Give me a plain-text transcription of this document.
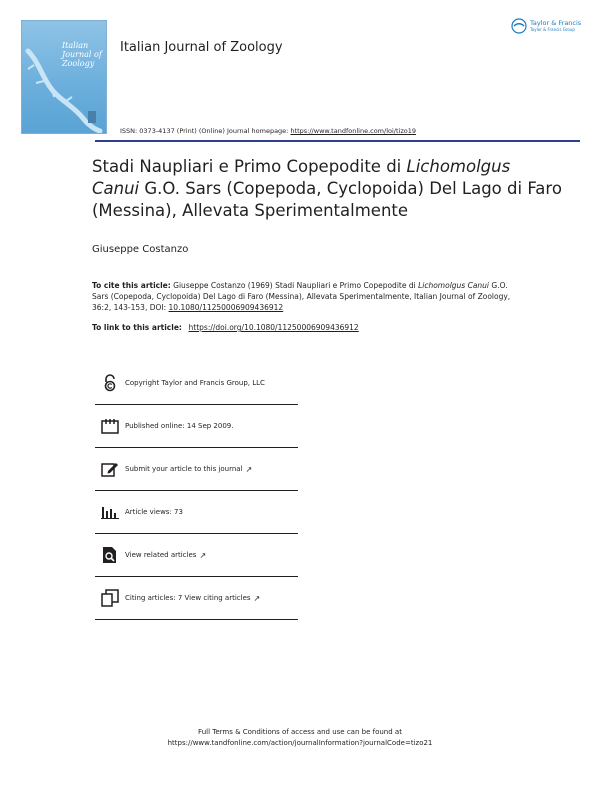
Italian
Journal of
Zoology
Italian Journal of Zoology
Taylor & Francis
Taylor & Francis Group
ISSN: 0373-4137 (Print) (Online) Journal homepage: https://www.tandfonline.com/loi/tizo19
Stadi Naupliari e Primo Copepodite di Lichomolgus Canui G.O. Sars (Copepoda, Cyclopoida) Del Lago di Faro (Messina), Allevata Sperimentalmente
Giuseppe Costanzo
To cite this article: Giuseppe Costanzo (1969) Stadi Naupliari e Primo Copepodite di Lichomolgus Canui G.O. Sars (Copepoda, Cyclopoida) Del Lago di Faro (Messina), Allevata Sperimentalmente, Italian Journal of Zoology, 36:2, 143-153, DOI: 10.1080/11250006909436912
To link to this article: https://doi.org/10.1080/11250006909436912
Copyright Taylor and Francis Group, LLC
Published online: 14 Sep 2009.
Submit your article to this journal ↗
Article views: 73
View related articles ↗
Citing articles: 7 View citing articles ↗
Full Terms & Conditions of access and use can be found at
https://www.tandfonline.com/action/journalInformation?journalCode=tizo21
